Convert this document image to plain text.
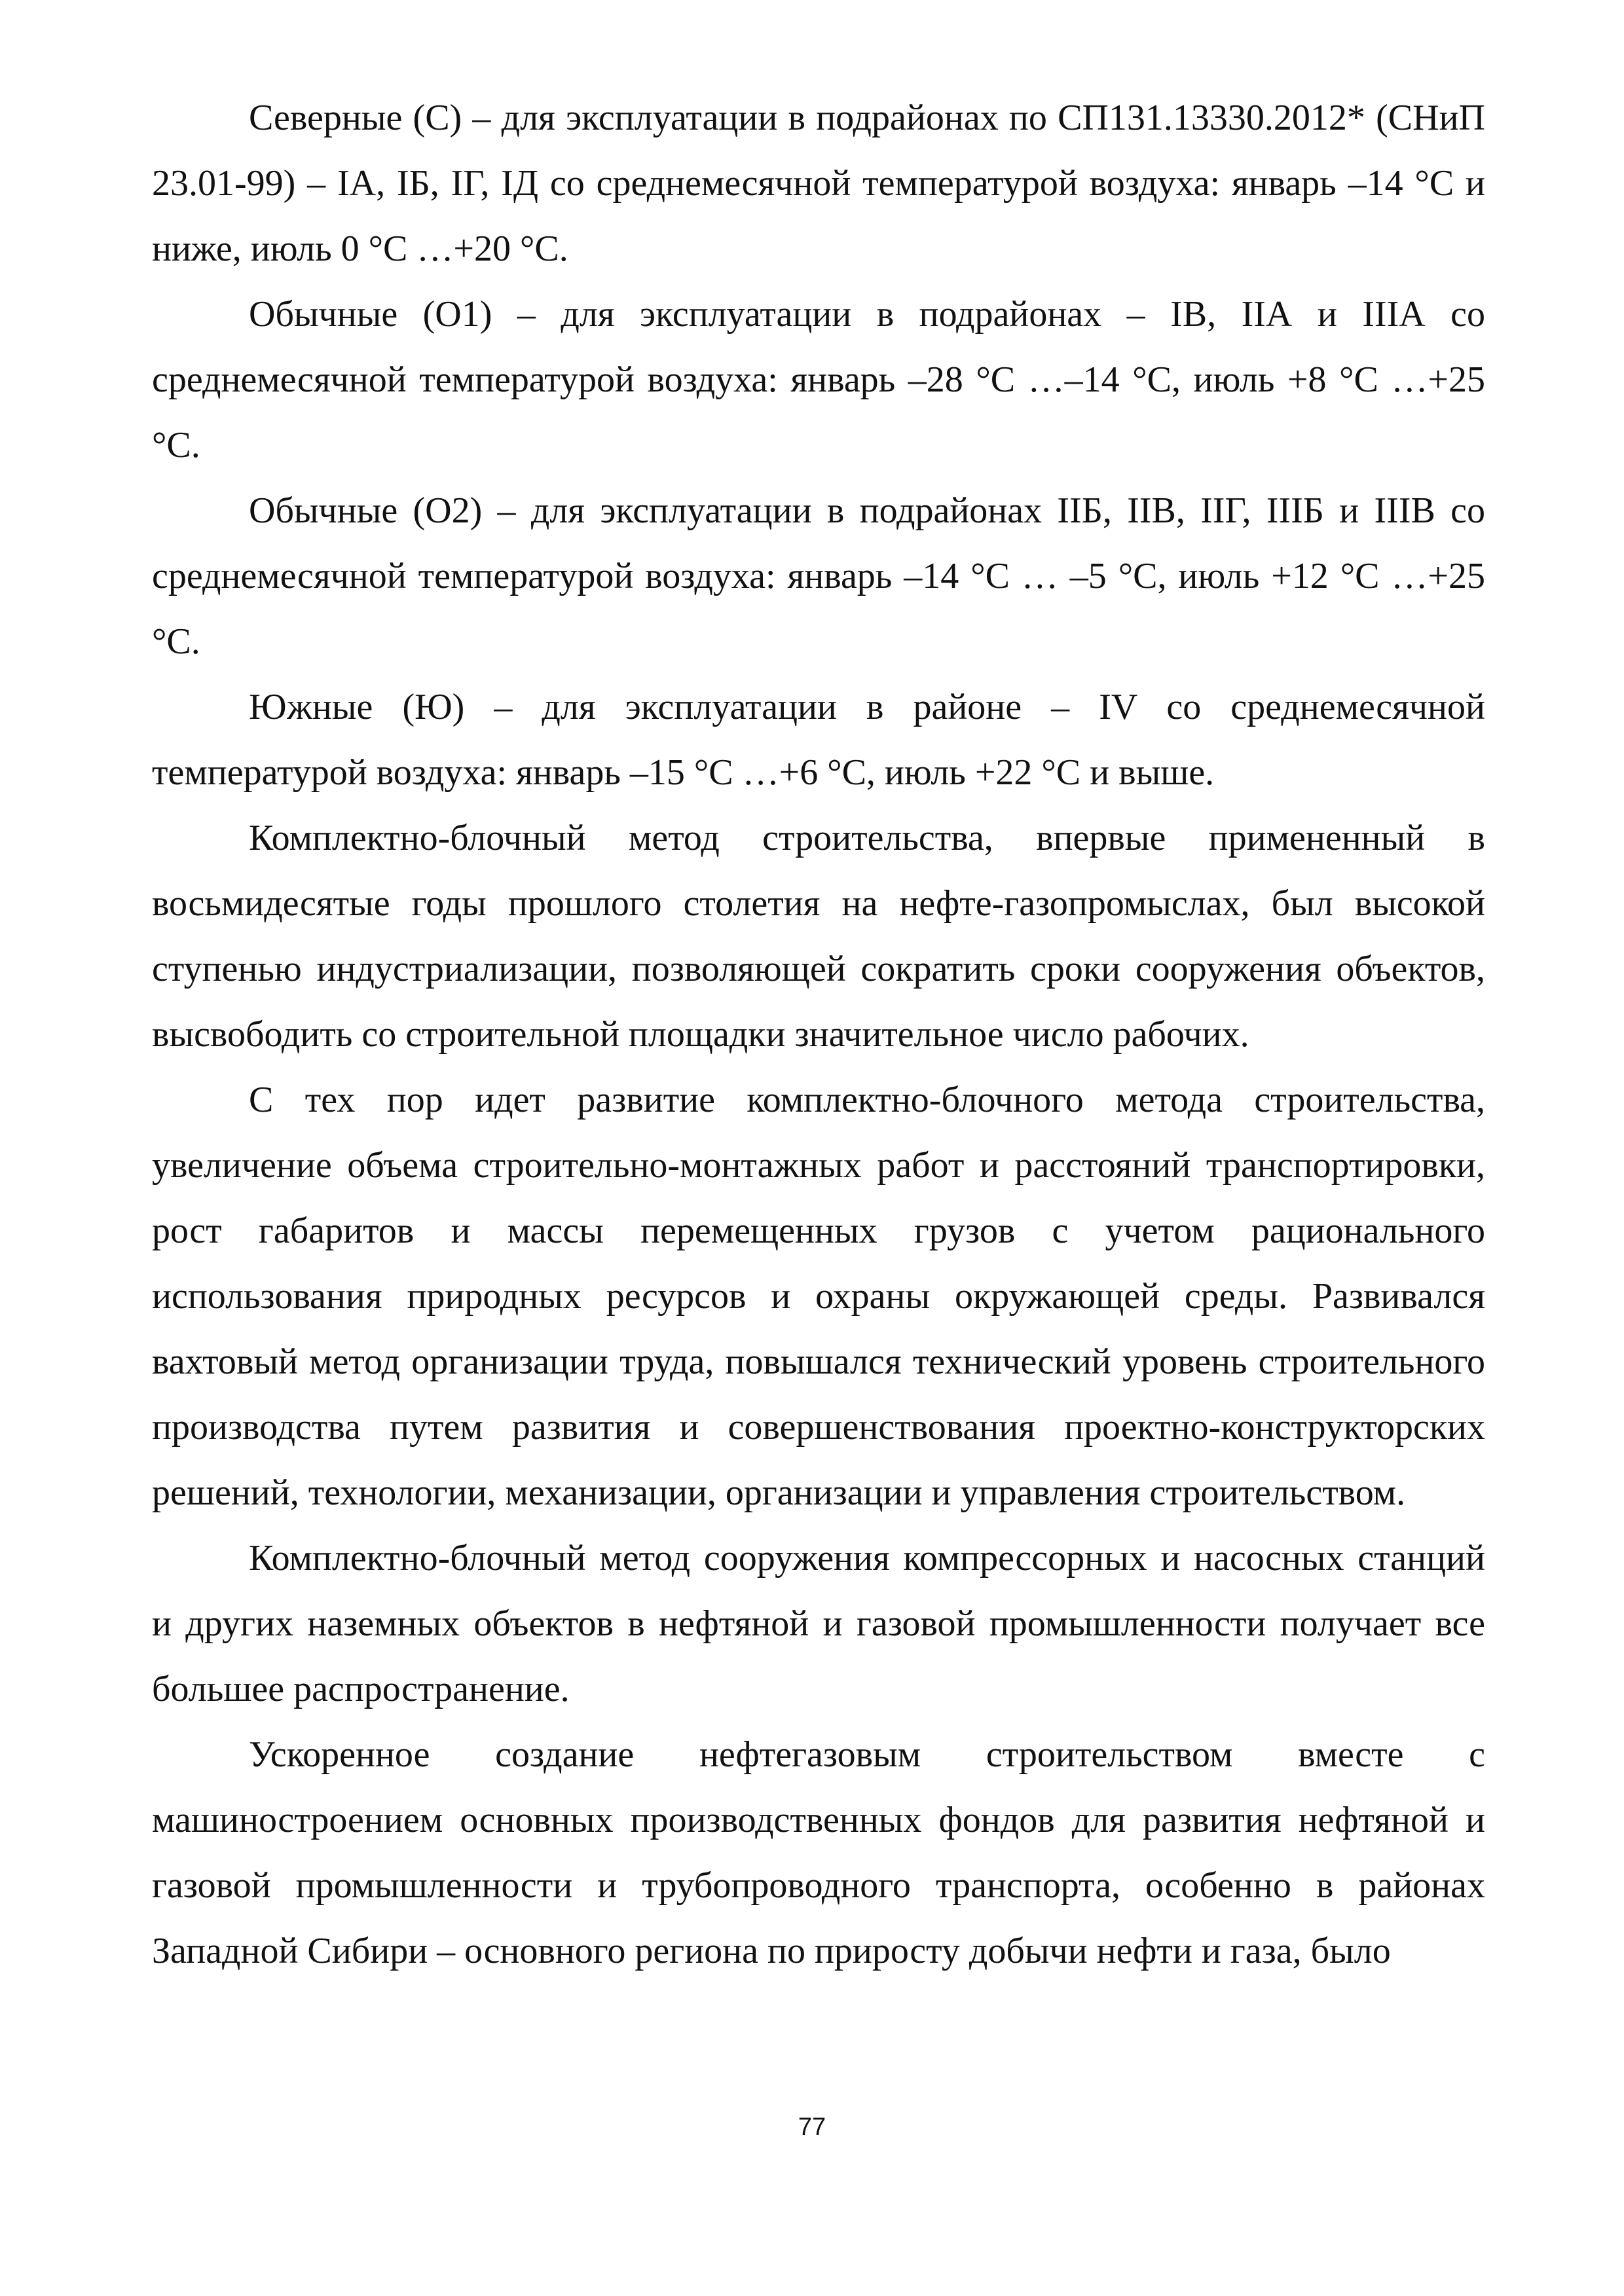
Северные (С) – для эксплуатации в подрайонах по СП131.13330.2012* (СНиП 23.01-99) – IА, IБ, IГ, IД со среднемесячной температурой воздуха: январь –14 °С и ниже, июль 0 °С …+20 °С.

Обычные (О1) – для эксплуатации в подрайонах – IВ, IIА и IIIА со среднемесячной температурой воздуха: январь –28 °С …–14 °С, июль +8 °С …+25 °С.

Обычные (О2) – для эксплуатации в подрайонах IIБ, IIВ, IIГ, IIIБ и IIIВ со среднемесячной температурой воздуха: январь –14 °С … –5 °С, июль +12 °С …+25 °С.

Южные (Ю) – для эксплуатации в районе – IV со среднемесячной температурой воздуха: январь –15 °С …+6 °С, июль +22 °С и выше.

Комплектно-блочный метод строительства, впервые примененный в восьмидесятые годы прошлого столетия на нефте-газопромыслах, был высокой ступенью индустриализации, позволяющей сократить сроки сооружения объектов, высвободить со строительной площадки значительное число рабочих.

С тех пор идет развитие комплектно-блочного метода строительства, увеличение объема строительно-монтажных работ и расстояний транспортировки, рост габаритов и массы перемещенных грузов с учетом рационального использования природных ресурсов и охраны окружающей среды. Развивался вахтовый метод организации труда, повышался технический уровень строительного производства путем развития и совершенствования проектно-конструкторских решений, технологии, механизации, организации и управления строительством.

Комплектно-блочный метод сооружения компрессорных и насосных станций и других наземных объектов в нефтяной и газовой промышленности получает все большее распространение.

Ускоренное создание нефтегазовым строительством вместе с машиностроением основных производственных фондов для развития нефтяной и газовой промышленности и трубопроводного транспорта, особенно в районах Западной Сибири – основного региона по приросту добычи нефти и газа, было

77
